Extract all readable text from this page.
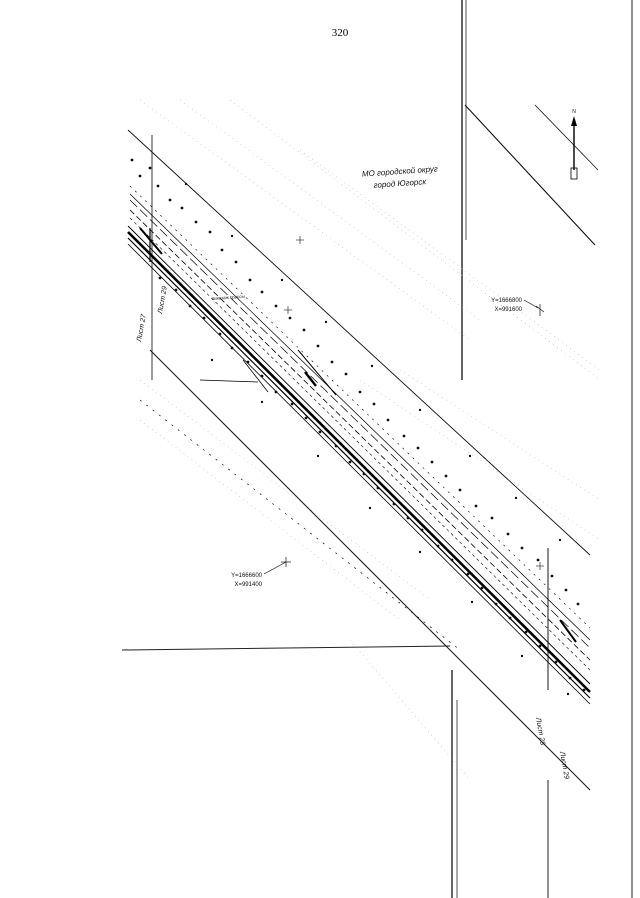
320
МО городской округ
город Югорск
Лист 27
Лист 29
Лист 29
Лист 28
пикетаж трассы
Y=1666800
X=991600
Y=1666600
X=991400
N
